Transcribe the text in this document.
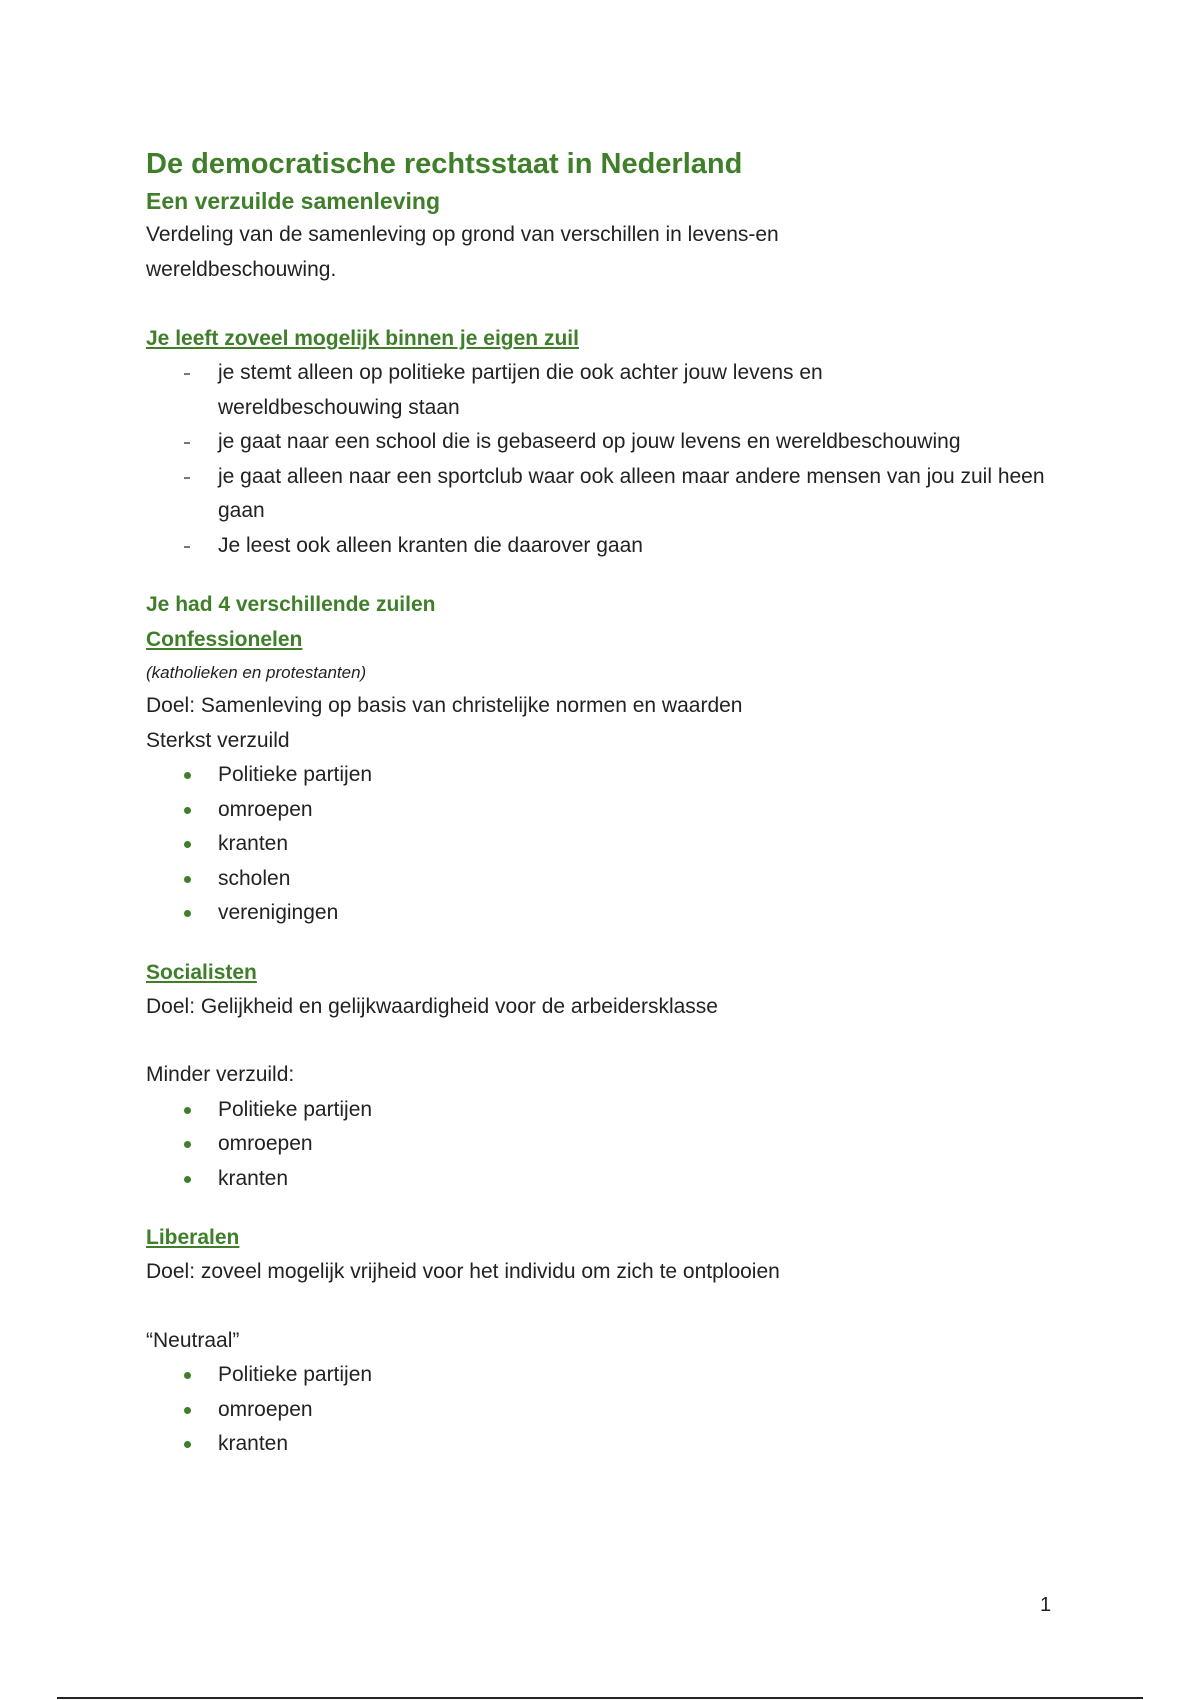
De democratische rechtsstaat in Nederland
Een verzuilde samenleving

Verdeling van de samenleving op grond van verschillen in levens-en wereldbeschouwing.

Je leeft zoveel mogelijk binnen je eigen zuil
je stemt alleen op politieke partijen die ook achter jouw levens en wereldbeschouwing staan
je gaat naar een school die is gebaseerd op jouw levens en wereldbeschouwing
je gaat alleen naar een sportclub waar ook alleen maar andere mensen van jou zuil heen gaan
Je leest ook alleen kranten die daarover gaan
Je had 4 verschillende zuilen
Confessionelen
(katholieken en protestanten)

Doel: Samenleving op basis van christelijke normen en waarden

Sterkst verzuild

Politieke partijen
omroepen
kranten
scholen
verenigingen
Socialisten

Doel: Gelijkheid en gelijkwaardigheid voor de arbeidersklasse

Minder verzuild:

Politieke partijen
omroepen
kranten
Liberalen

Doel: zoveel mogelijk vrijheid voor het individu om zich te ontplooien

“Neutraal”

Politieke partijen
omroepen
kranten
1
